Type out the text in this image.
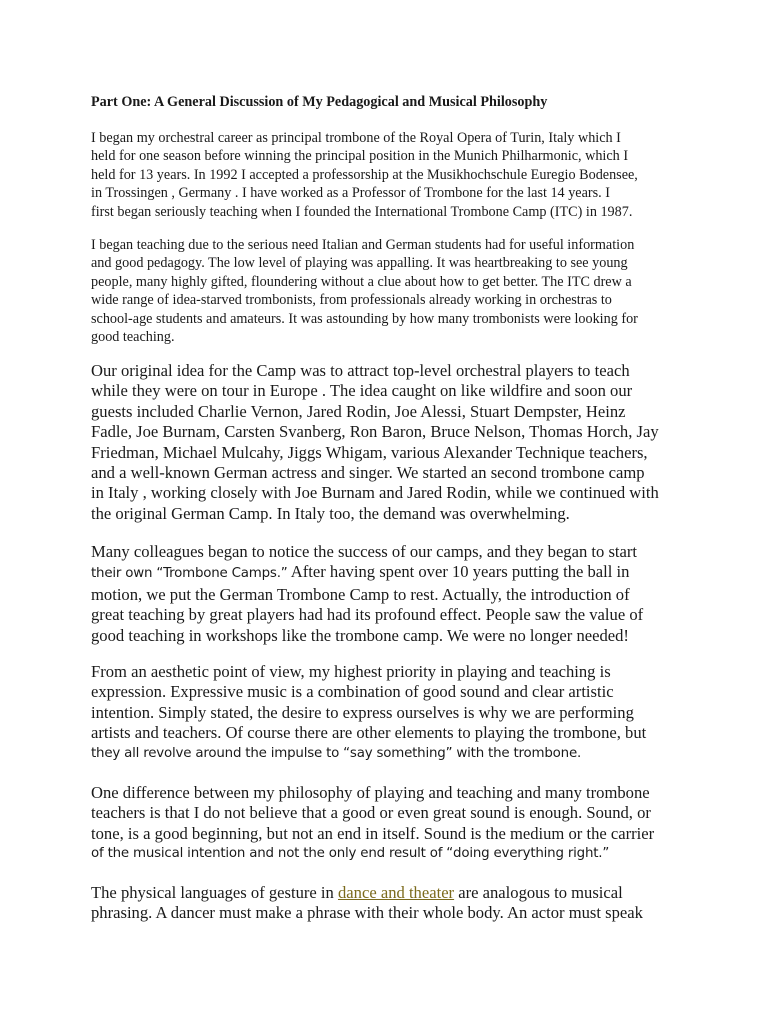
Part One: A General Discussion of My Pedagogical and Musical Philosophy

I began my orchestral career as principal trombone of the Royal Opera of Turin, Italy which I
held for one season before winning the principal position in the Munich Philharmonic, which I
held for 13 years. In 1992 I accepted a professorship at the Musikhochschule Euregio Bodensee,
in Trossingen , Germany . I have worked as a Professor of Trombone for the last 14 years. I
first began seriously teaching when I founded the International Trombone Camp (ITC) in 1987.
I began teaching due to the serious need Italian and German students had for useful information
and good pedagogy. The low level of playing was appalling. It was heartbreaking to see young
people, many highly gifted, floundering without a clue about how to get better. The ITC drew a
wide range of idea-starved trombonists, from professionals already working in orchestras to
school-age students and amateurs. It was astounding by how many trombonists were looking for
good teaching.
Our original idea for the Camp was to attract top-level orchestral players to teach
while they were on tour in Europe . The idea caught on like wildfire and soon our
guests included Charlie Vernon, Jared Rodin, Joe Alessi, Stuart Dempster, Heinz
Fadle, Joe Burnam, Carsten Svanberg, Ron Baron, Bruce Nelson, Thomas Horch, Jay
Friedman, Michael Mulcahy, Jiggs Whigam, various Alexander Technique teachers,
and a well-known German actress and singer. We started an second trombone camp
in Italy , working closely with Joe Burnam and Jared Rodin, while we continued with
the original German Camp. In Italy too, the demand was overwhelming.
Many colleagues began to notice the success of our camps, and they began to start
their own “Trombone Camps.” After having spent over 10 years putting the ball in
motion, we put the German Trombone Camp to rest. Actually, the introduction of
great teaching by great players had had its profound effect. People saw the value of
good teaching in workshops like the trombone camp. We were no longer needed!
From an aesthetic point of view, my highest priority in playing and teaching is
expression. Expressive music is a combination of good sound and clear artistic
intention. Simply stated, the desire to express ourselves is why we are performing
artists and teachers. Of course there are other elements to playing the trombone, but
they all revolve around the impulse to “say something” with the trombone.
One difference between my philosophy of playing and teaching and many trombone
teachers is that I do not believe that a good or even great sound is enough. Sound, or
tone, is a good beginning, but not an end in itself. Sound is the medium or the carrier
of the musical intention and not the only end result of “doing everything right.”
The physical languages of gesture in dance and theater are analogous to musical
phrasing. A dancer must make a phrase with their whole body. An actor must speak
